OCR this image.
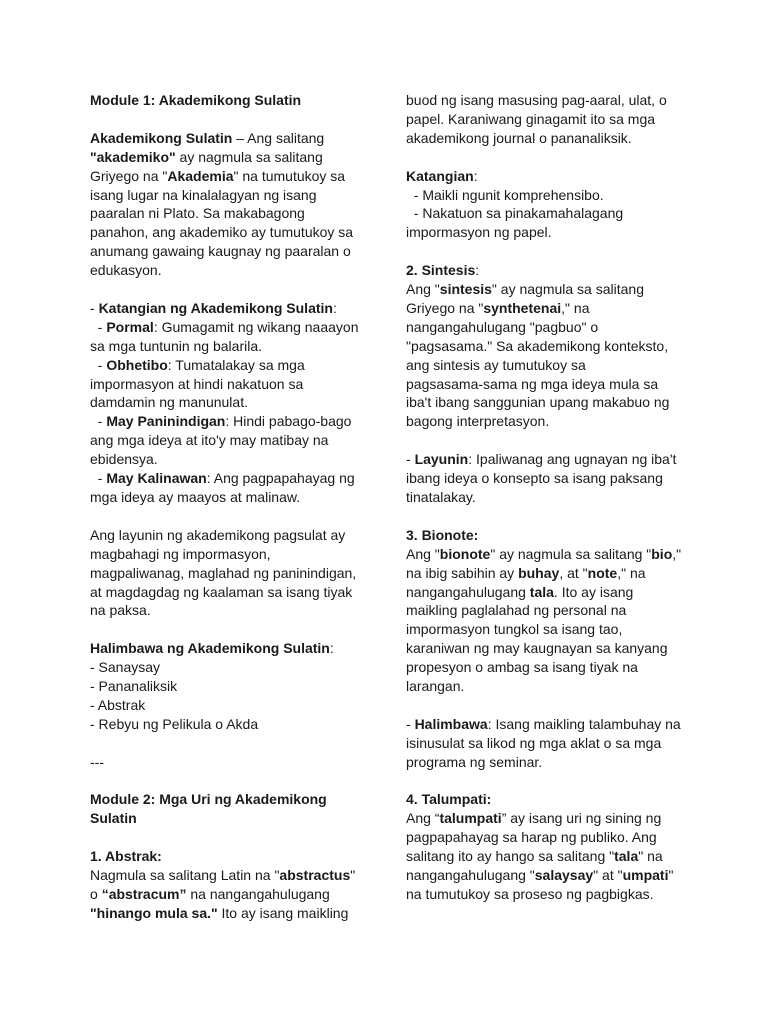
Module 1: Akademikong Sulatin
Akademikong Sulatin – Ang salitang
"akademiko" ay nagmula sa salitang
Griyego na "Akademia" na tumutukoy sa
isang lugar na kinalalagyan ng isang
paaralan ni Plato. Sa makabagong
panahon, ang akademiko ay tumutukoy sa
anumang gawaing kaugnay ng paaralan o
edukasyon.
- Katangian ng Akademikong Sulatin:
- Pormal: Gumagamit ng wikang naaayon
sa mga tuntunin ng balarila.
- Obhetibo: Tumatalakay sa mga
impormasyon at hindi nakatuon sa
damdamin ng manunulat.
- May Paninindigan: Hindi pabago-bago
ang mga ideya at ito'y may matibay na
ebidensya.
- May Kalinawan: Ang pagpapahayag ng
mga ideya ay maayos at malinaw.
Ang layunin ng akademikong pagsulat ay
magbahagi ng impormasyon,
magpaliwanag, maglahad ng paninindigan,
at magdagdag ng kaalaman sa isang tiyak
na paksa.
Halimbawa ng Akademikong Sulatin:
- Sanaysay
- Pananaliksik
- Abstrak
- Rebyu ng Pelikula o Akda
---
Module 2: Mga Uri ng Akademikong
Sulatin
1. Abstrak:
Nagmula sa salitang Latin na "abstractus"
o “abstracum” na nangangahulugang
"hinango mula sa." Ito ay isang maikling
buod ng isang masusing pag-aaral, ulat, o
papel. Karaniwang ginagamit ito sa mga
akademikong journal o pananaliksik.
Katangian:
- Maikli ngunit komprehensibo.
- Nakatuon sa pinakamahalagang
impormasyon ng papel.
2. Sintesis:
Ang "sintesis" ay nagmula sa salitang
Griyego na "synthetenai," na
nangangahulugang "pagbuo" o
"pagsasama." Sa akademikong konteksto,
ang sintesis ay tumutukoy sa
pagsasama-sama ng mga ideya mula sa
iba't ibang sanggunian upang makabuo ng
bagong interpretasyon.
- Layunin: Ipaliwanag ang ugnayan ng iba't
ibang ideya o konsepto sa isang paksang
tinatalakay.
3. Bionote:
Ang "bionote" ay nagmula sa salitang "bio,"
na ibig sabihin ay buhay, at "note," na
nangangahulugang tala. Ito ay isang
maikling paglalahad ng personal na
impormasyon tungkol sa isang tao,
karaniwan ng may kaugnayan sa kanyang
propesyon o ambag sa isang tiyak na
larangan.
- Halimbawa: Isang maikling talambuhay na
isinusulat sa likod ng mga aklat o sa mga
programa ng seminar.
4. Talumpati:
Ang “talumpati” ay isang uri ng sining ng
pagpapahayag sa harap ng publiko. Ang
salitang ito ay hango sa salitang "tala" na
nangangahulugang "salaysay" at "umpati"
na tumutukoy sa proseso ng pagbigkas.
